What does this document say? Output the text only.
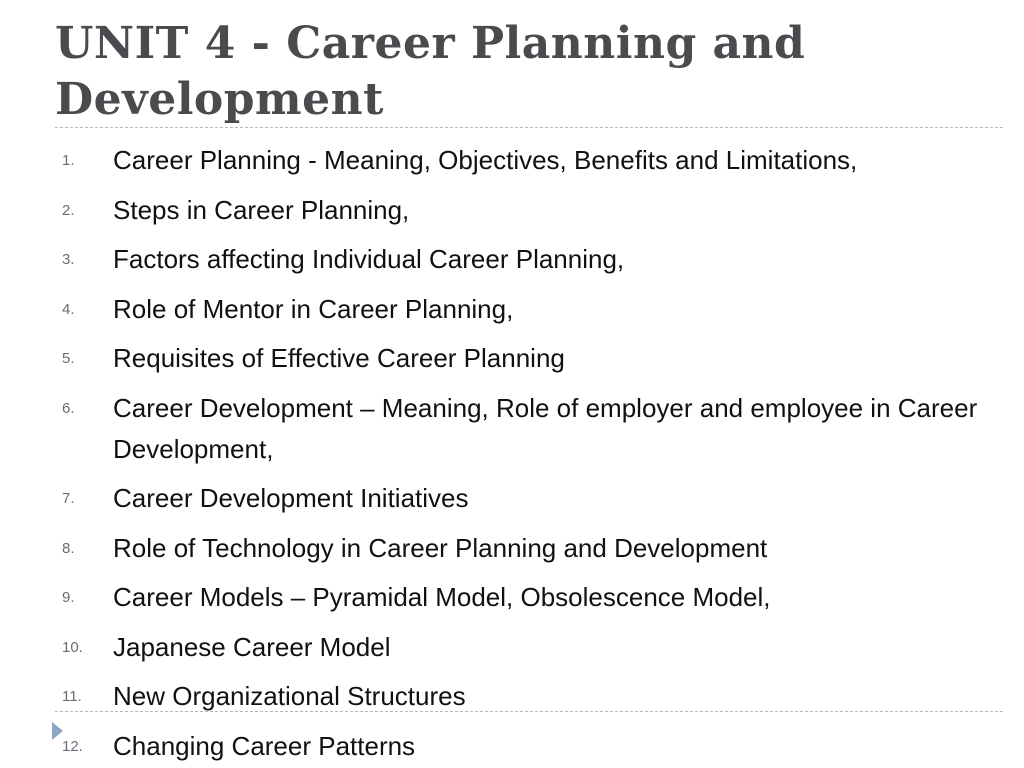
UNIT 4 - Career Planning and Development
1. Career Planning - Meaning, Objectives, Benefits and Limitations,
2. Steps in Career Planning,
3. Factors affecting Individual Career Planning,
4. Role of Mentor in Career Planning,
5. Requisites of Effective Career Planning
6. Career Development – Meaning, Role of employer and employee in Career Development,
7. Career Development Initiatives
8. Role of Technology in Career Planning and Development
9. Career Models – Pyramidal Model, Obsolescence Model,
10. Japanese Career Model
11. New Organizational Structures
12. Changing Career Patterns
